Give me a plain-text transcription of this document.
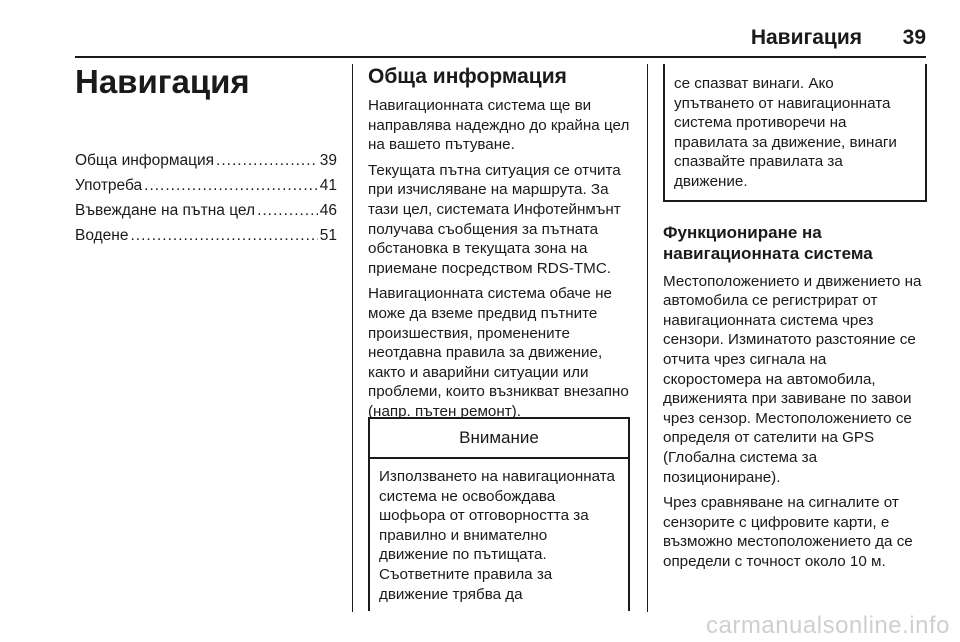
Навигация 39
Навигация
Обща информация .....	39
Употреба .....	41
Въвеждане на пътна цел .....	46
Водене .....	51
Обща информация

Навигационната система ще ви направлява надеждно до крайна цел на вашето пътуване.

Текущата пътна ситуация се отчита при изчисляване на маршрута. За тази цел, системата Инфотейнмънт получава съобщения за пътната обстановка в текущата зона на приемане посредством RDS-TMC.

Навигационната система обаче не може да вземе предвид пътните произшествия, променените неотдавна правила за движение, както и аварийни ситуации или проблеми, които възникват внезапно (напр. пътен ремонт).

Внимание

Използването на навигационната система не освобождава шофьора от отговорността за правилно и внимателно движение по пътищата. Съответните правила за движение трябва да

се спазват винаги. Ако упътването от навигационната система противоречи на правилата за движение, винаги спазвайте правилата за движение.

Функциониране на навигационната система

Местоположението и движението на автомобила се регистрират от навигационната система чрез сензори. Изминатото разстояние се отчита чрез сигнала на скоростомера на автомобила, движенията при завиване по завои чрез сензор. Местоположението се определя от сателити на GPS (Глобална система за позициониране).

Чрез сравняване на сигналите от сензорите с цифровите карти, е възможно местоположението да се определи с точност около 10 м.

carmanualsonline.info
